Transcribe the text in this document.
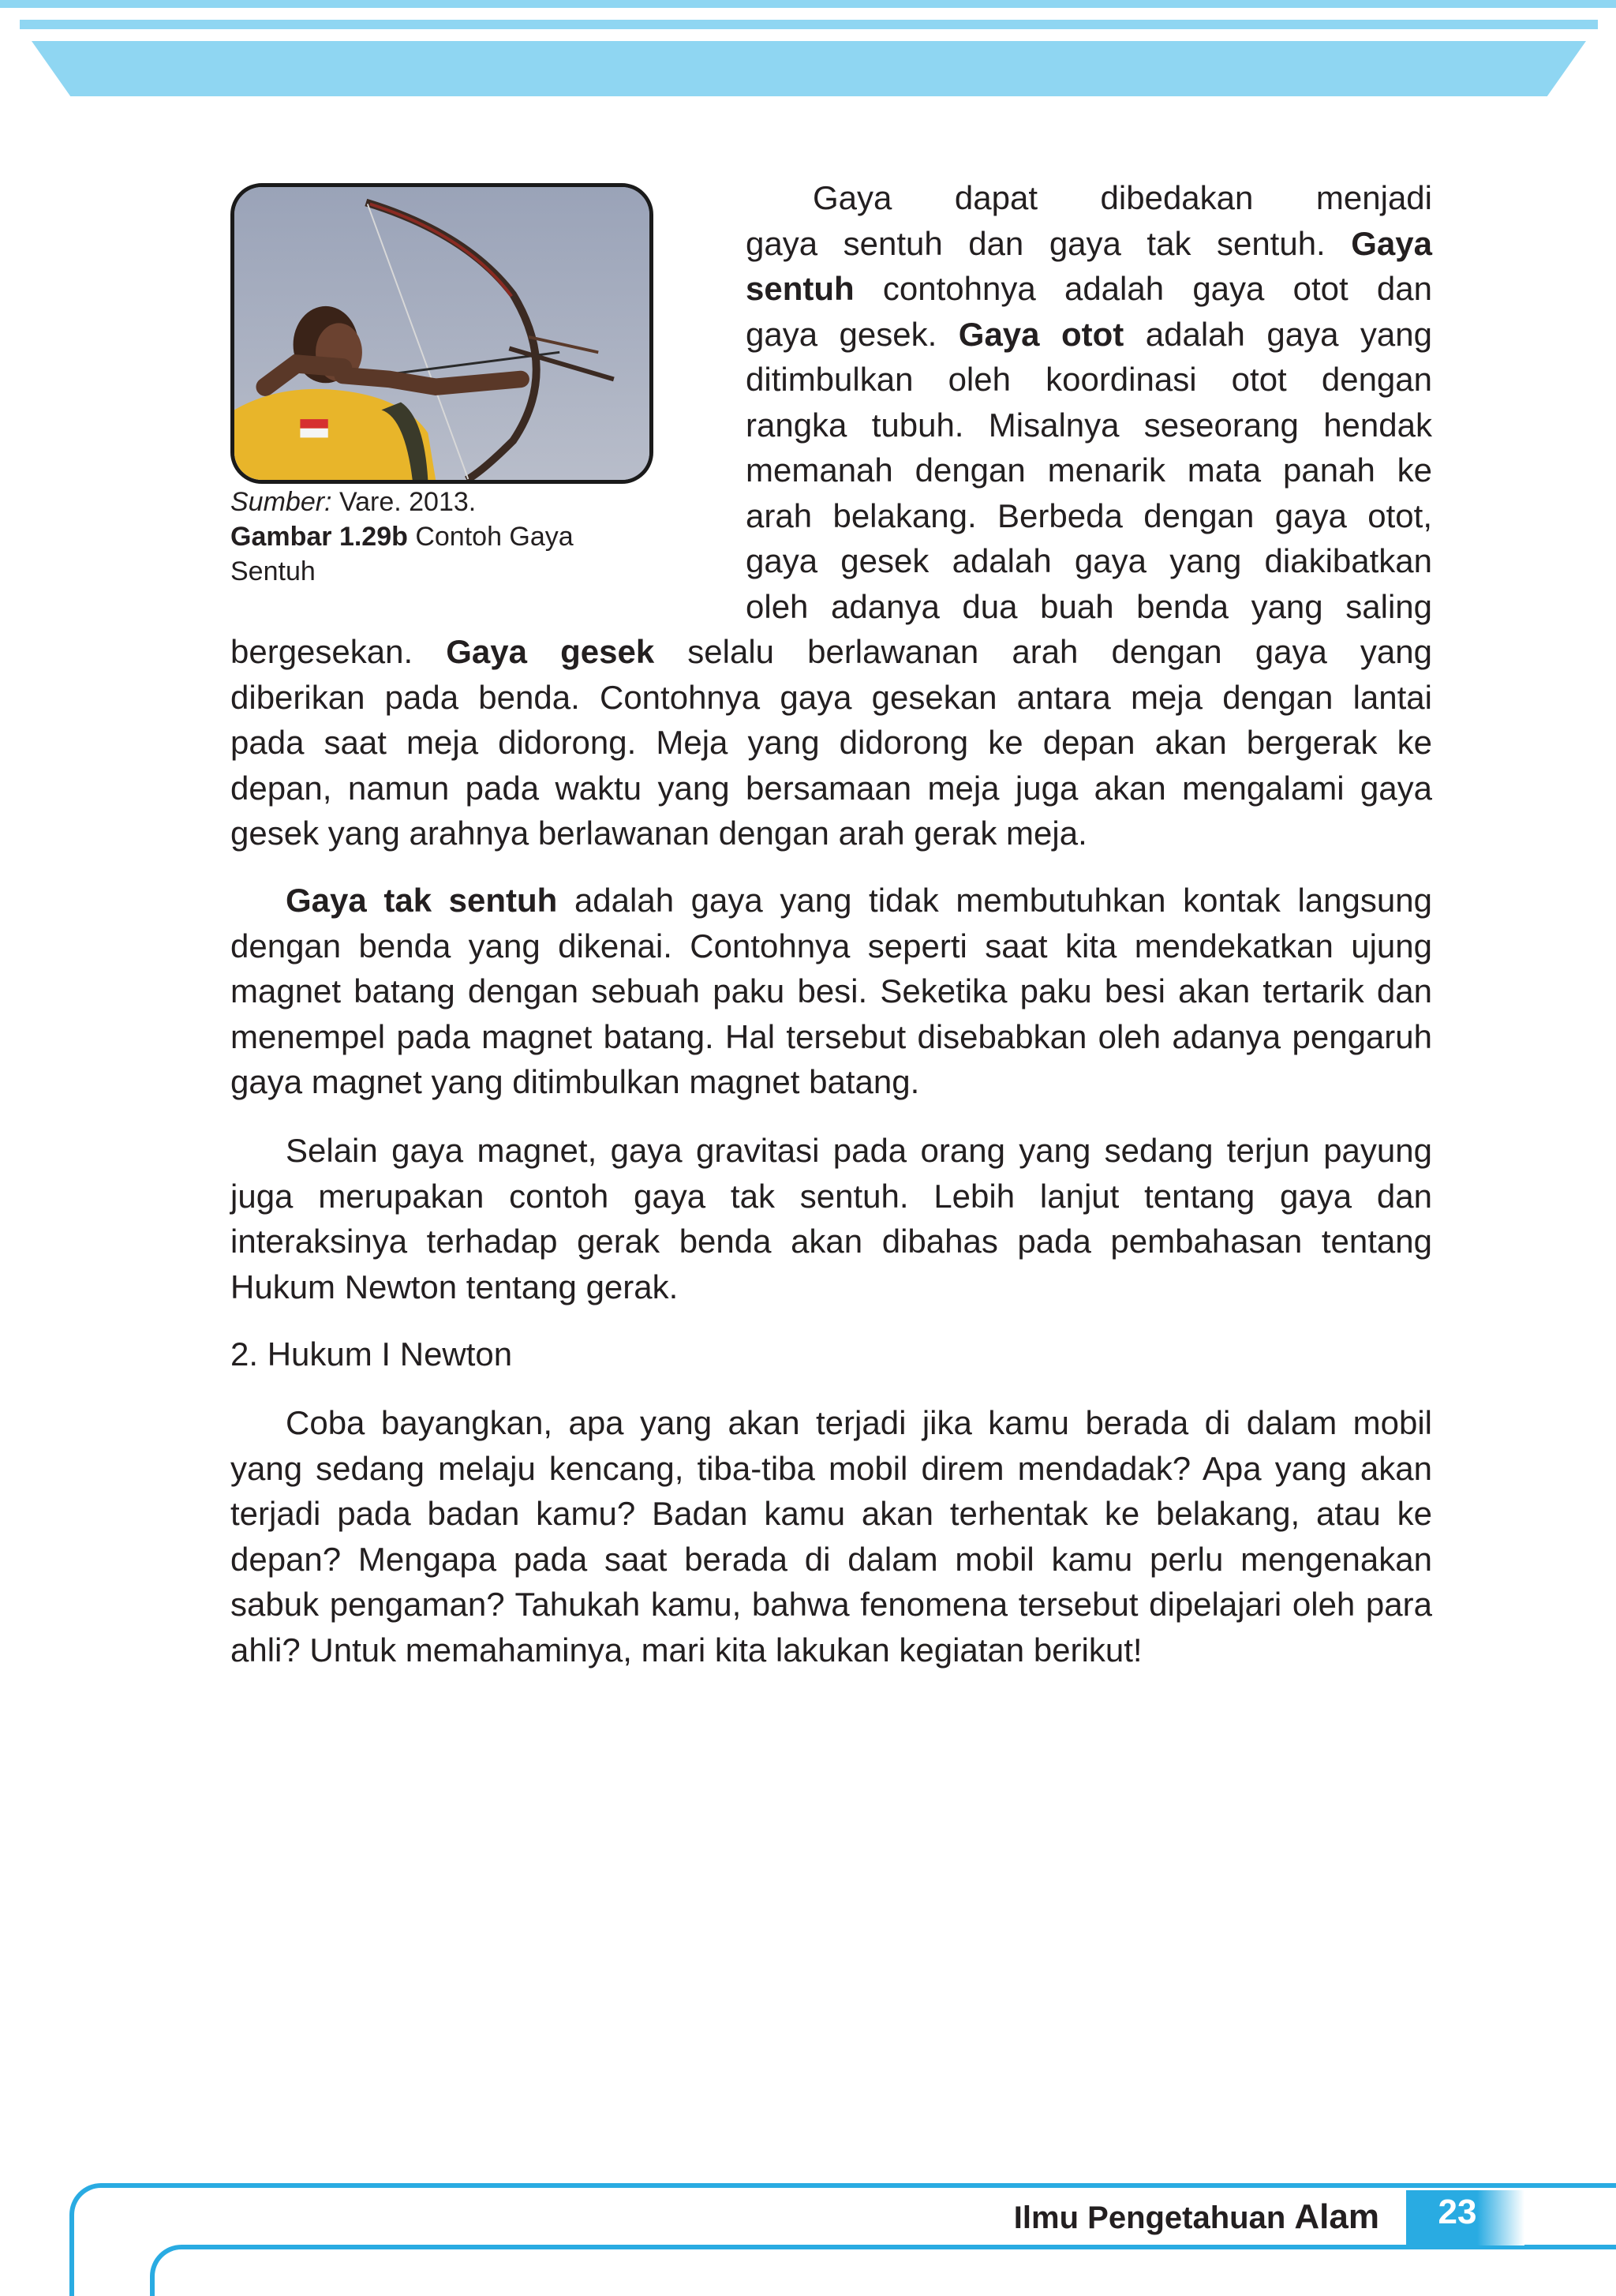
Sumber: Vare. 2013.
Gambar 1.29b Contoh Gaya Sentuh
Gaya dapat dibedakan menjadi
gaya sentuh dan gaya tak sentuh. Gaya
sentuh contohnya adalah gaya otot dan
gaya gesek. Gaya otot adalah gaya yang
ditimbulkan oleh koordinasi otot dengan
rangka tubuh. Misalnya seseorang hendak
memanah dengan menarik mata panah ke
arah belakang. Berbeda dengan gaya otot,
gaya gesek adalah gaya yang diakibatkan
oleh adanya dua buah benda yang saling
bergesekan. Gaya gesek selalu berlawanan arah dengan gaya yang
diberikan pada benda. Contohnya gaya gesekan antara meja dengan lantai
pada saat meja didorong. Meja yang didorong ke depan akan bergerak ke
depan, namun pada waktu yang bersamaan meja juga akan mengalami gaya
gesek yang arahnya berlawanan dengan arah gerak meja.

Gaya tak sentuh adalah gaya yang tidak membutuhkan kontak langsung dengan benda yang dikenai. Contohnya seperti saat kita mendekatkan ujung magnet batang dengan sebuah paku besi. Seketika paku besi akan tertarik dan menempel pada magnet batang. Hal tersebut disebabkan oleh adanya pengaruh gaya magnet yang ditimbulkan magnet batang.

Selain gaya magnet, gaya gravitasi pada orang yang sedang terjun payung juga merupakan contoh gaya tak sentuh. Lebih lanjut tentang gaya dan interaksinya terhadap gerak benda akan dibahas pada pembahasan tentang Hukum Newton tentang gerak.

2. Hukum I Newton

Coba bayangkan, apa yang akan terjadi jika kamu berada di dalam mobil yang sedang melaju kencang, tiba-tiba mobil direm mendadak? Apa yang akan terjadi pada badan kamu? Badan kamu akan terhentak ke belakang, atau ke depan? Mengapa pada saat berada di dalam mobil kamu perlu mengenakan sabuk pengaman? Tahukah kamu, bahwa fenomena tersebut dipelajari oleh para ahli? Untuk memahaminya, mari kita lakukan kegiatan berikut!

Ilmu Pengetahuan Alam	23
